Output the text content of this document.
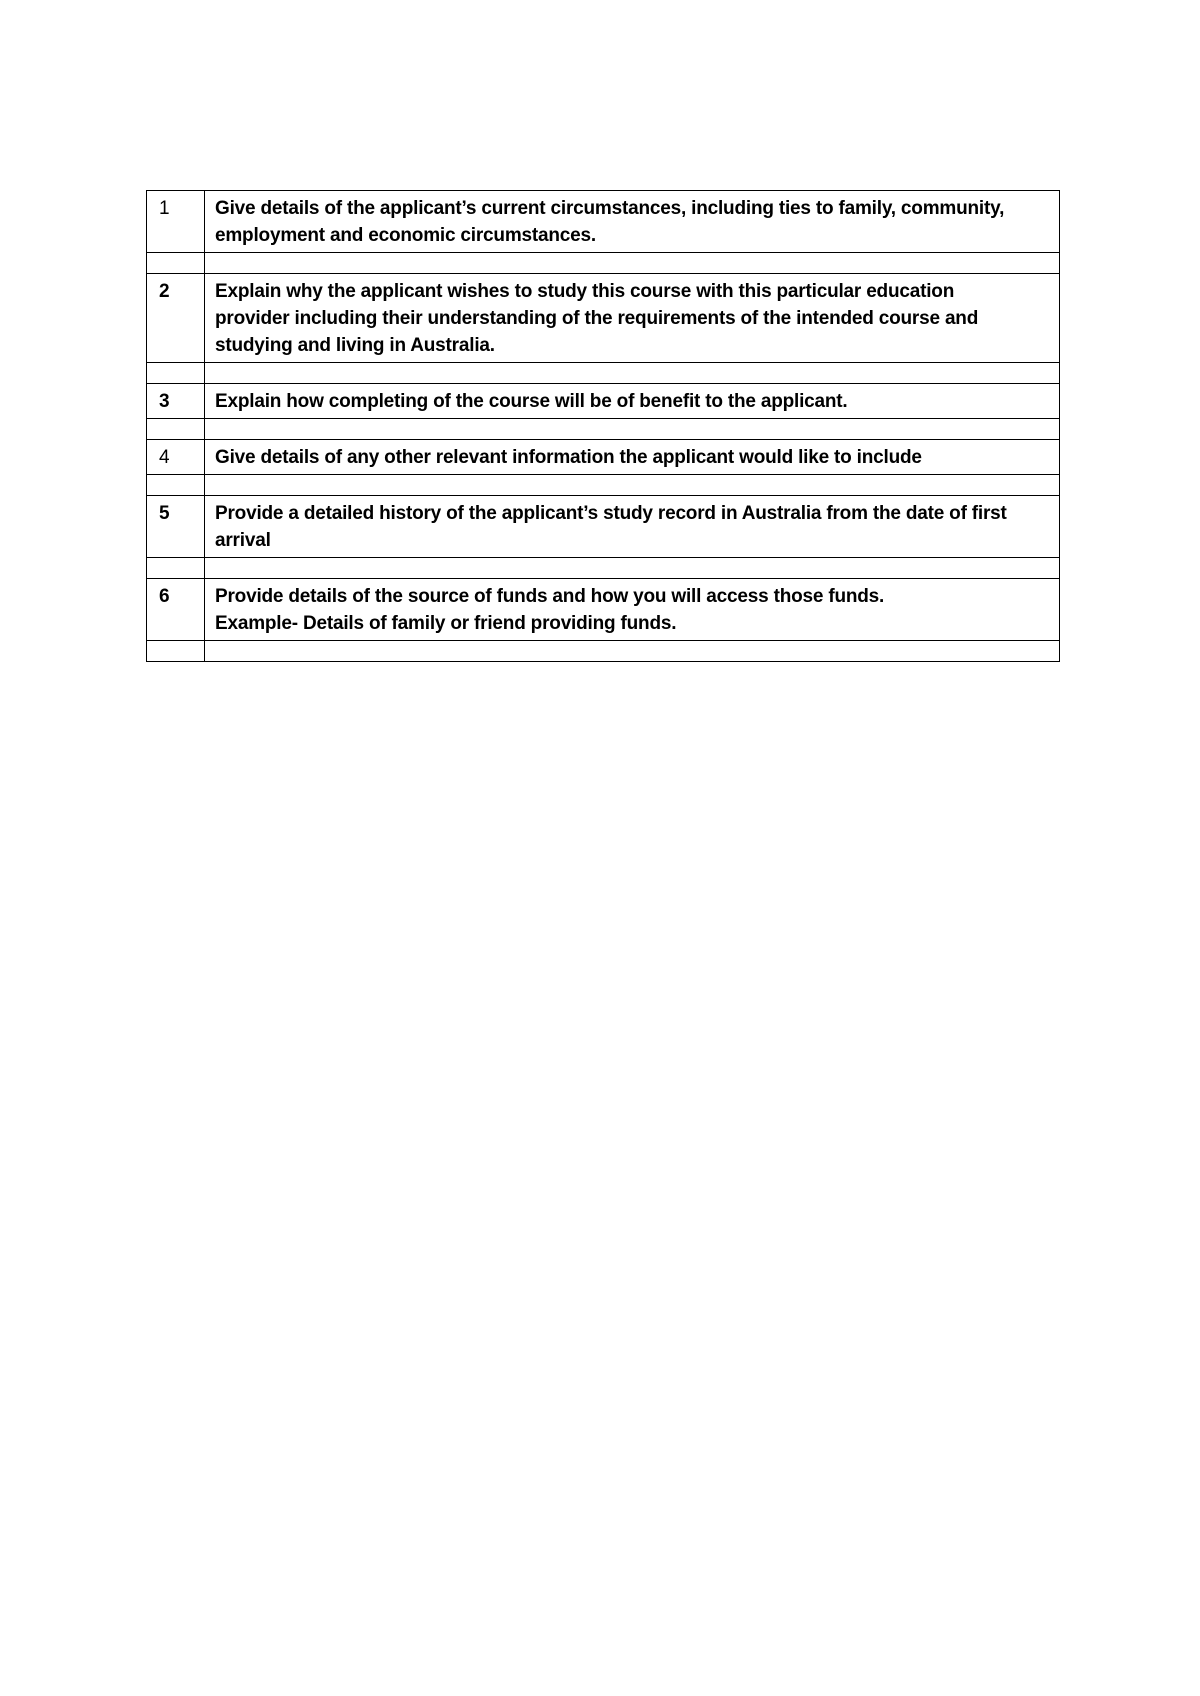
1	Give details of the applicant’s current circumstances, including ties to family, community,
employment and economic circumstances.

2	Explain why the applicant wishes to study this course with this particular education
provider including their understanding of the requirements of the intended course and
studying and living in Australia.

3	Explain how completing of the course will be of benefit to the applicant.

4	Give details of any other relevant information the applicant would like to include

5	Provide a detailed history of the applicant’s study record in Australia from the date of first
arrival

6	Provide details of the source of funds and how you will access those funds.
Example- Details of family or friend providing funds.
